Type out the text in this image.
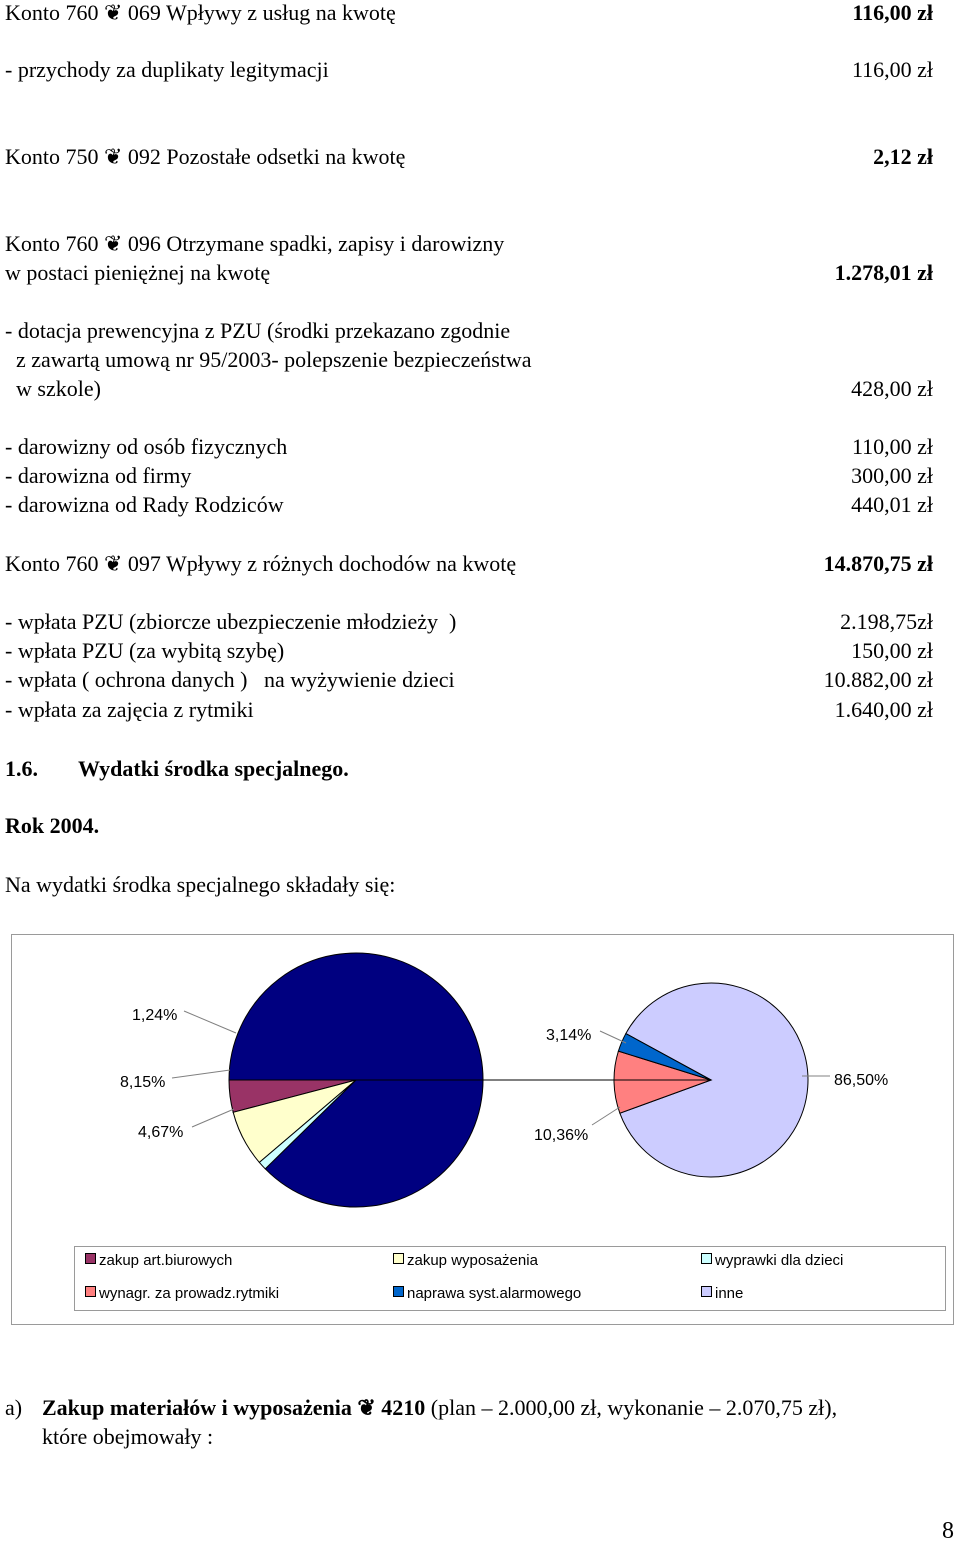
Konto 760 ❦ 069 Wpływy z usług na kwotę	116,00 zł
- przychody za duplikaty legitymacji	116,00 zł
Konto 750 ❦ 092 Pozostałe odsetki na kwotę	2,12 zł
Konto 760 ❦ 096 Otrzymane spadki, zapisy i darowizny
w postaci pieniężnej na kwotę	1.278,01 zł
- dotacja prewencyjna z PZU (środki przekazano zgodnie
z zawartą umową nr 95/2003- polepszenie bezpieczeństwa
w szkole)	428,00 zł
- darowizny od osób fizycznych	110,00 zł
- darowizna od firmy	300,00 zł
- darowizna od Rady Rodziców	440,01 zł
Konto 760 ❦ 097 Wpływy z różnych dochodów na kwotę	14.870,75 zł
- wpłata PZU (zbiorcze ubezpieczenie młodzieży  )	2.198,75zł
- wpłata PZU (za wybitą szybę)	150,00 zł
- wpłata ( ochrona danych )   na wyżywienie dzieci	10.882,00 zł
- wpłata za zajęcia z rytmiki	1.640,00 zł
1.6. Wydatki środka specjalnego.
Rok 2004.
Na wydatki środka specjalnego składały się:
4,67%
8,15%
1,24%
10,36%
3,14%
86,50%
zakup art.biurowych	zakup wyposażenia	wyprawki dla dzieci
wynagr. za prowadz.rytmiki	naprawa syst.alarmowego	inne
a) Zakup materiałów i wyposażenia ❦ 4210 (plan – 2.000,00 zł, wykonanie – 2.070,75 zł),
które obejmowały :
8
